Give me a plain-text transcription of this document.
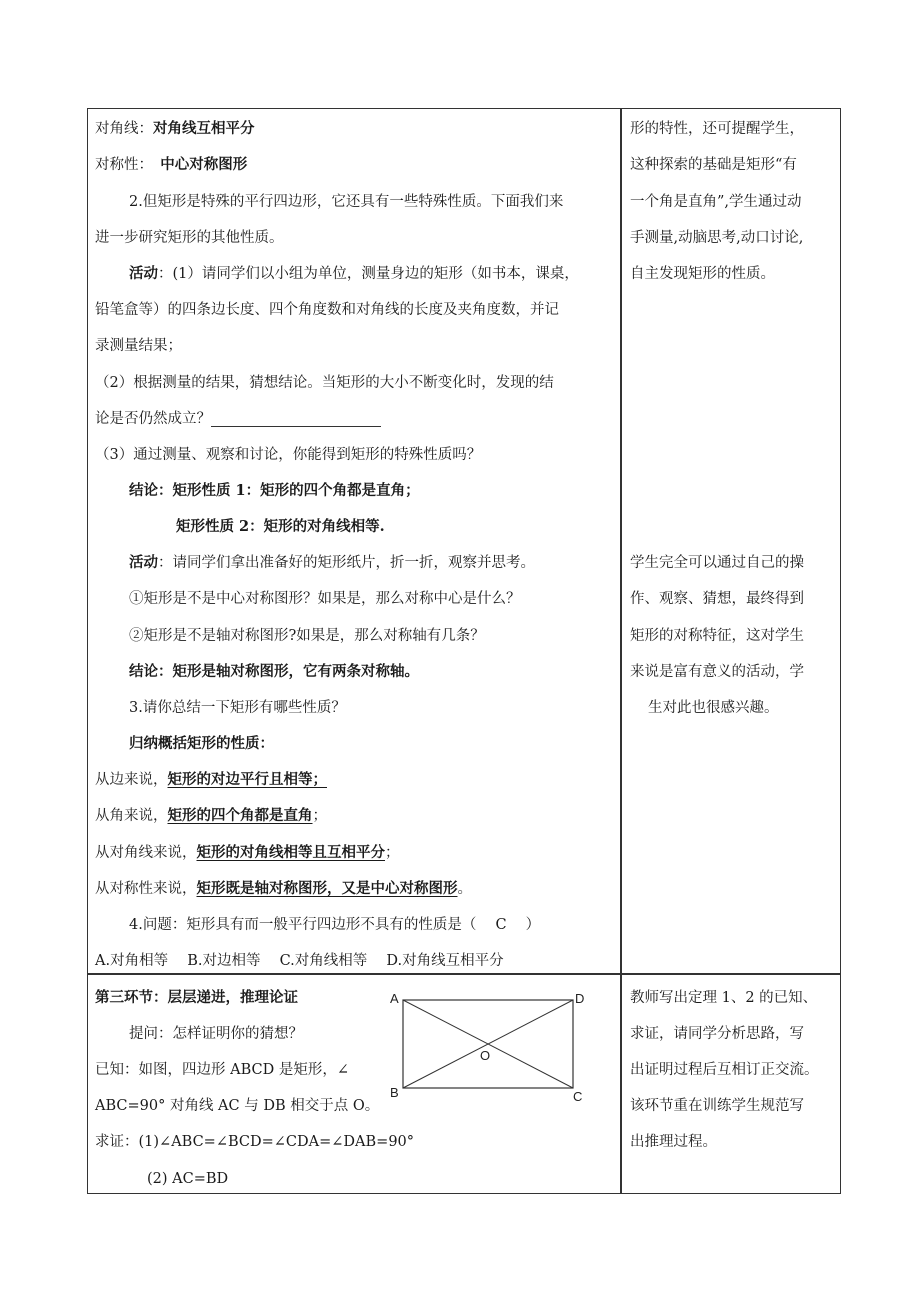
对角线：对角线互相平分
对称性：　 中心对称图形
2.但矩形是特殊的平行四边形，它还具有一些特殊性质。下面我们来
进一步研究矩形的其他性质。
活动：(1）请同学们以小组为单位，测量身边的矩形（如书本，课桌，
铅笔盒等）的四条边长度、四个角度数和对角线的长度及夹角度数，并记
录测量结果；
（2）根据测量的结果，猜想结论。当矩形的大小不断变化时，发现的结
论是否仍然成立？
（3）通过测量、观察和讨论，你能得到矩形的特殊性质吗？
结论：矩形性质 1：矩形的四个角都是直角；
矩形性质 2：矩形的对角线相等.
活动：请同学们拿出准备好的矩形纸片，折一折，观察并思考。
①矩形是不是中心对称图形？如果是，那么对称中心是什么？
②矩形是不是轴对称图形?如果是，那么对称轴有几条？
结论：矩形是轴对称图形，它有两条对称轴。
3.请你总结一下矩形有哪些性质？
归纳概括矩形的性质：
从边来说，矩形的对边平行且相等；
从角来说，矩形的四个角都是直角；
从对角线来说，矩形的对角线相等且互相平分；
从对称性来说，矩形既是轴对称图形，又是中心对称图形。
4.问题：矩形具有而一般平行四边形不具有的性质是（　 C　 ）
A.对角相等　 B.对边相等　 C.对角线相等　 D.对角线互相平分
形的特性，还可提醒学生，
这种探索的基础是矩形“有
一个角是直角”,学生通过动
手测量,动脑思考,动口讨论,
自主发现矩形的性质。
学生完全可以通过自己的操
作、观察、猜想，最终得到
矩形的对称特征，这对学生
来说是富有意义的活动，学
生对此也很感兴趣。
第三环节：层层递进，推理论证
提问：怎样证明你的猜想？
已知：如图，四边形 ABCD 是矩形，∠
ABC=90° 对角线 AC 与 DB 相交于点 O。
求证：(1)∠ABC=∠BCD=∠CDA=∠DAB=90°
(2) AC=BD
A
B	C
D
O
教师写出定理 1、2 的已知、
求证，请同学分析思路，写
出证明过程后互相订正交流。
该环节重在训练学生规范写
出推理过程。
